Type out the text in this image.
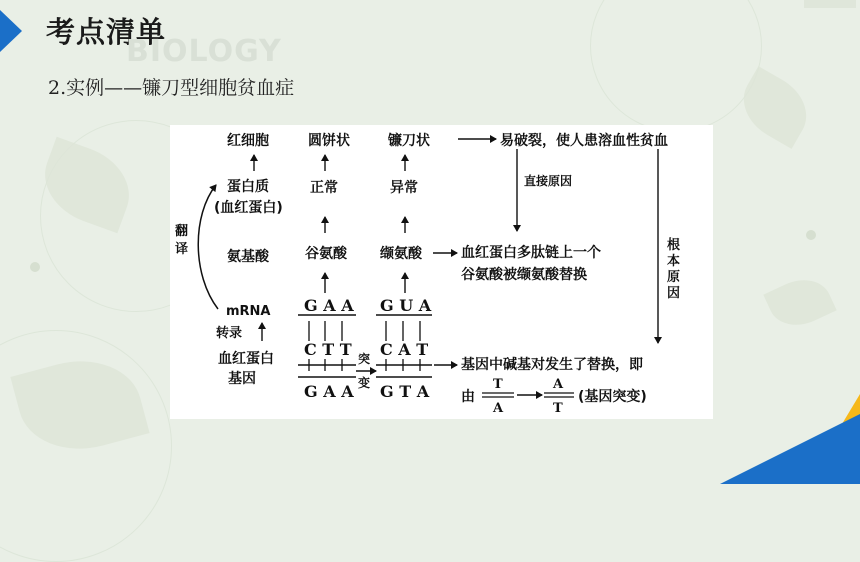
考点清单
BIOLOGY
2.实例——镰刀型细胞贫血症
红细胞	圆饼状	镰刀状	易破裂，使人患溶血性贫血
蛋白质
(血红蛋白)
正常	异常	直接原因
根
本
原
因
翻
译	氨基酸	谷氨酸 缬氨酸	血红蛋白多肽链上一个
谷氨酸被缬氨酸替换
mRNA G A A G U A
转录
血红蛋白
基因
C T T C A T
G A A G T A
突
变
基因中碱基对发生了替换，即
由
T
A
A
T
(基因突变)
